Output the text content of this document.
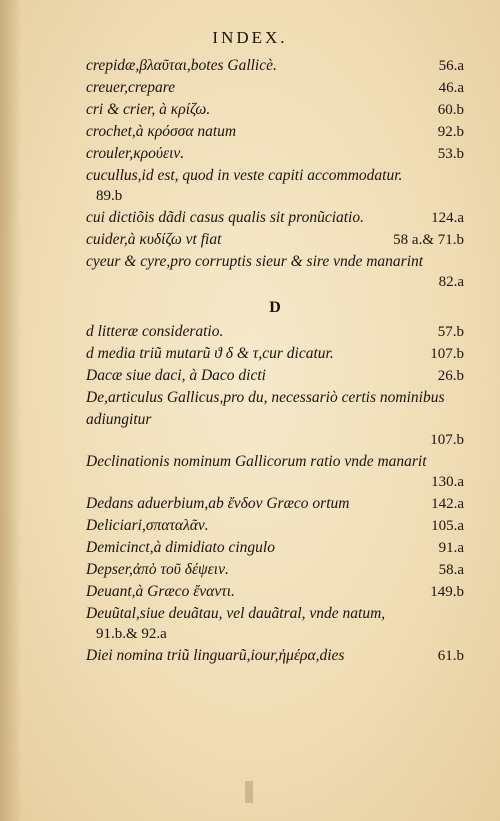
INDEX.
crepidæ,βλαῦται,botes Gallicè.	56.a
creuer,crepare	46.a
cri & crier, à κρίζω.	60.b
crochet,à κρόσσα natum	92.b
crouler,κρούειν.	53.b
cucullus,id est, quod in veste capiti accommodatur.
89.b
cui dictiõis dãdi casus qualis sit pronũciatio.	124.a
cuider,à κυδίζω vt fiat	58 a.& 71.b
cyeur & cyre,pro corruptis sieur & sire vnde manarint
82.a
D
d litteræ consideratio.	57.b
d media triũ mutarũ ϑ δ & τ,cur dicatur.	107.b
Dacæ siue daci, à Daco dicti	26.b
De,articulus Gallicus,pro du, necessariò certis nominibus adiungitur
107.b
Declinationis nominum Gallicorum ratio vnde manarit
130.a
Dedans aduerbium,ab ἔνδον Græco ortum	142.a
Deliciari,σπαταλᾶν.	105.a
Demicinct,à dimidiato cingulo	91.a
Depser,ἀπὸ τοῦ δέψειν.	58.a
Deuant,à Græco ἔναντι.	149.b
Deuũtal,siue deuãtau, vel dauãtral, vnde natum,
91.b.& 92.a
Diei nomina triũ linguarũ,iour,ἡμέρα,dies	61.b
